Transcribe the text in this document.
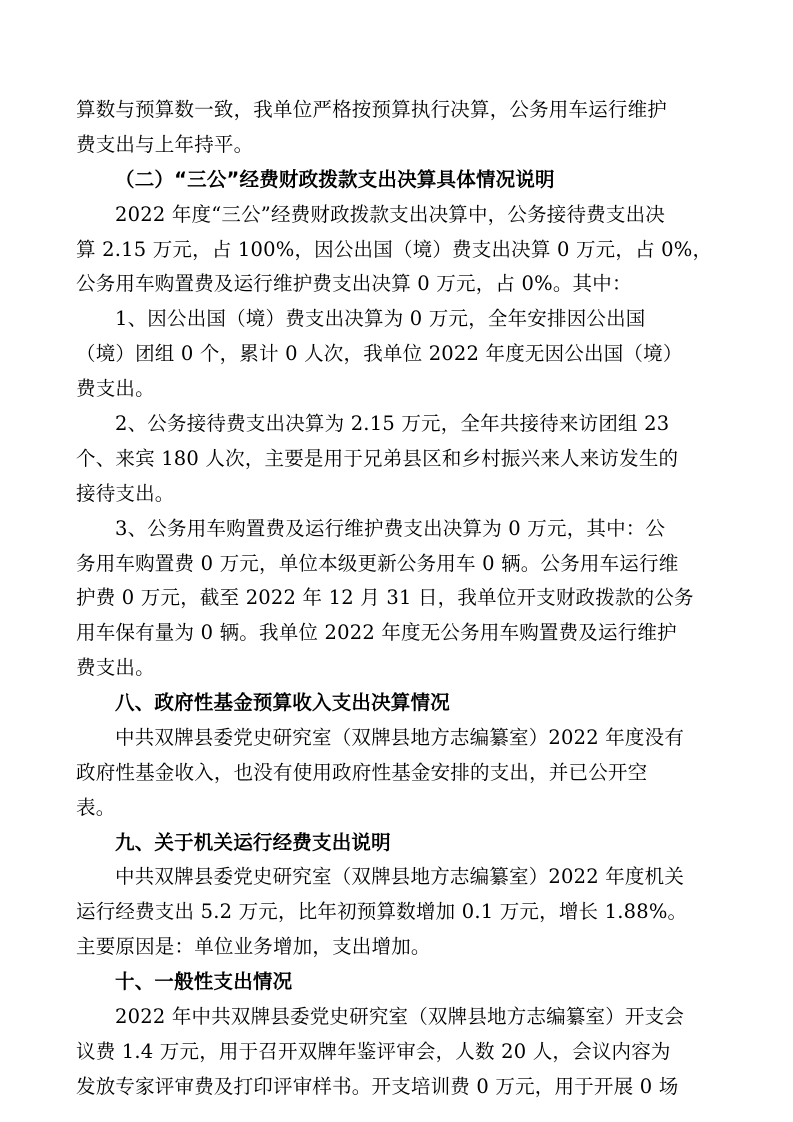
算数与预算数一致，我单位严格按预算执行决算，公务用车运行维护
费支出与上年持平。
（二）“三公”经费财政拨款支出决算具体情况说明
2022 年度“三公”经费财政拨款支出决算中，公务接待费支出决
算 2.15 万元，占 100%，因公出国（境）费支出决算 0 万元，占 0%，
公务用车购置费及运行维护费支出决算 0 万元，占 0%。其中：
1、因公出国（境）费支出决算为 0 万元，全年安排因公出国
（境）团组 0 个，累计 0 人次，我单位 2022 年度无因公出国（境）
费支出。
2、公务接待费支出决算为 2.15 万元，全年共接待来访团组 23
个、来宾 180 人次，主要是用于兄弟县区和乡村振兴来人来访发生的
接待支出。
3、公务用车购置费及运行维护费支出决算为 0 万元，其中：公
务用车购置费 0 万元，单位本级更新公务用车 0 辆。公务用车运行维
护费 0 万元，截至 2022 年 12 月 31 日，我单位开支财政拨款的公务
用车保有量为 0 辆。我单位 2022 年度无公务用车购置费及运行维护
费支出。
八、政府性基金预算收入支出决算情况
中共双牌县委党史研究室（双牌县地方志编纂室）2022 年度没有
政府性基金收入，也没有使用政府性基金安排的支出，并已公开空
表。
九、关于机关运行经费支出说明
中共双牌县委党史研究室（双牌县地方志编纂室）2022 年度机关
运行经费支出 5.2 万元，比年初预算数增加 0.1 万元，增长 1.88%。
主要原因是：单位业务增加，支出增加。
十、一般性支出情况
2022 年中共双牌县委党史研究室（双牌县地方志编纂室）开支会
议费 1.4 万元，用于召开双牌年鉴评审会，人数 20 人，会议内容为
发放专家评审费及打印评审样书。开支培训费 0 万元，用于开展 0 场
